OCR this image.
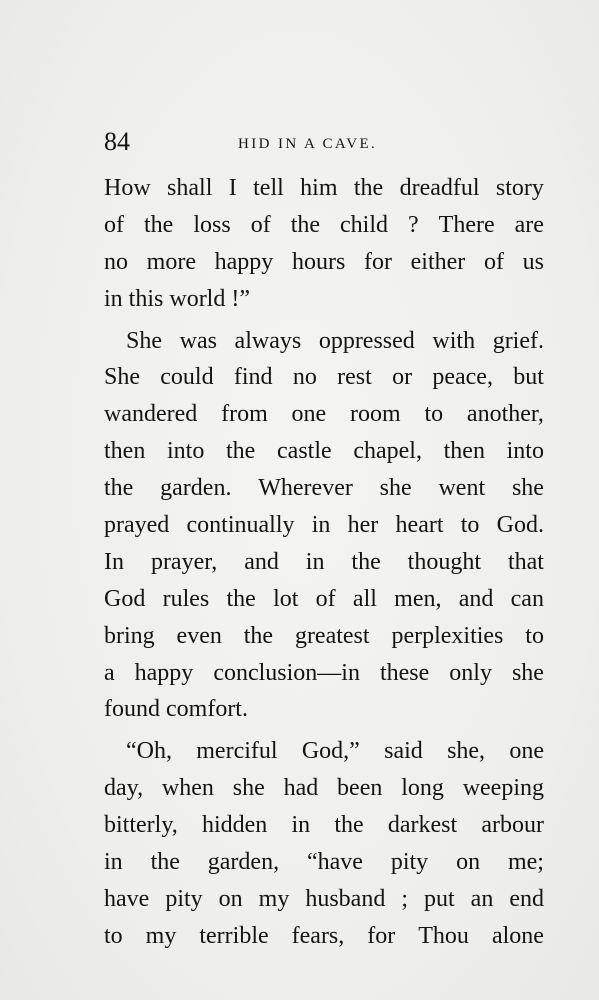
84	HID IN A CAVE.
How shall I tell him the dreadful story
of the loss of the child ? There are
no more happy hours for either of us
in
this
world
!”
She was always oppressed with grief.
She could find no rest or peace, but
wandered from one room to another,
then into the castle chapel, then into
the garden. Wherever she went she
prayed continually in her heart to God.
In prayer, and in the thought that
God rules the lot of all men, and can
bring even the greatest perplexities to
a happy conclusion—in these only she
found
comfort.
“Oh, merciful God,” said she, one
day, when she had been long weeping
bitterly, hidden in the darkest arbour
in the garden, “have pity on me;
have pity on my husband ; put an end
to my terrible fears, for Thou alone
